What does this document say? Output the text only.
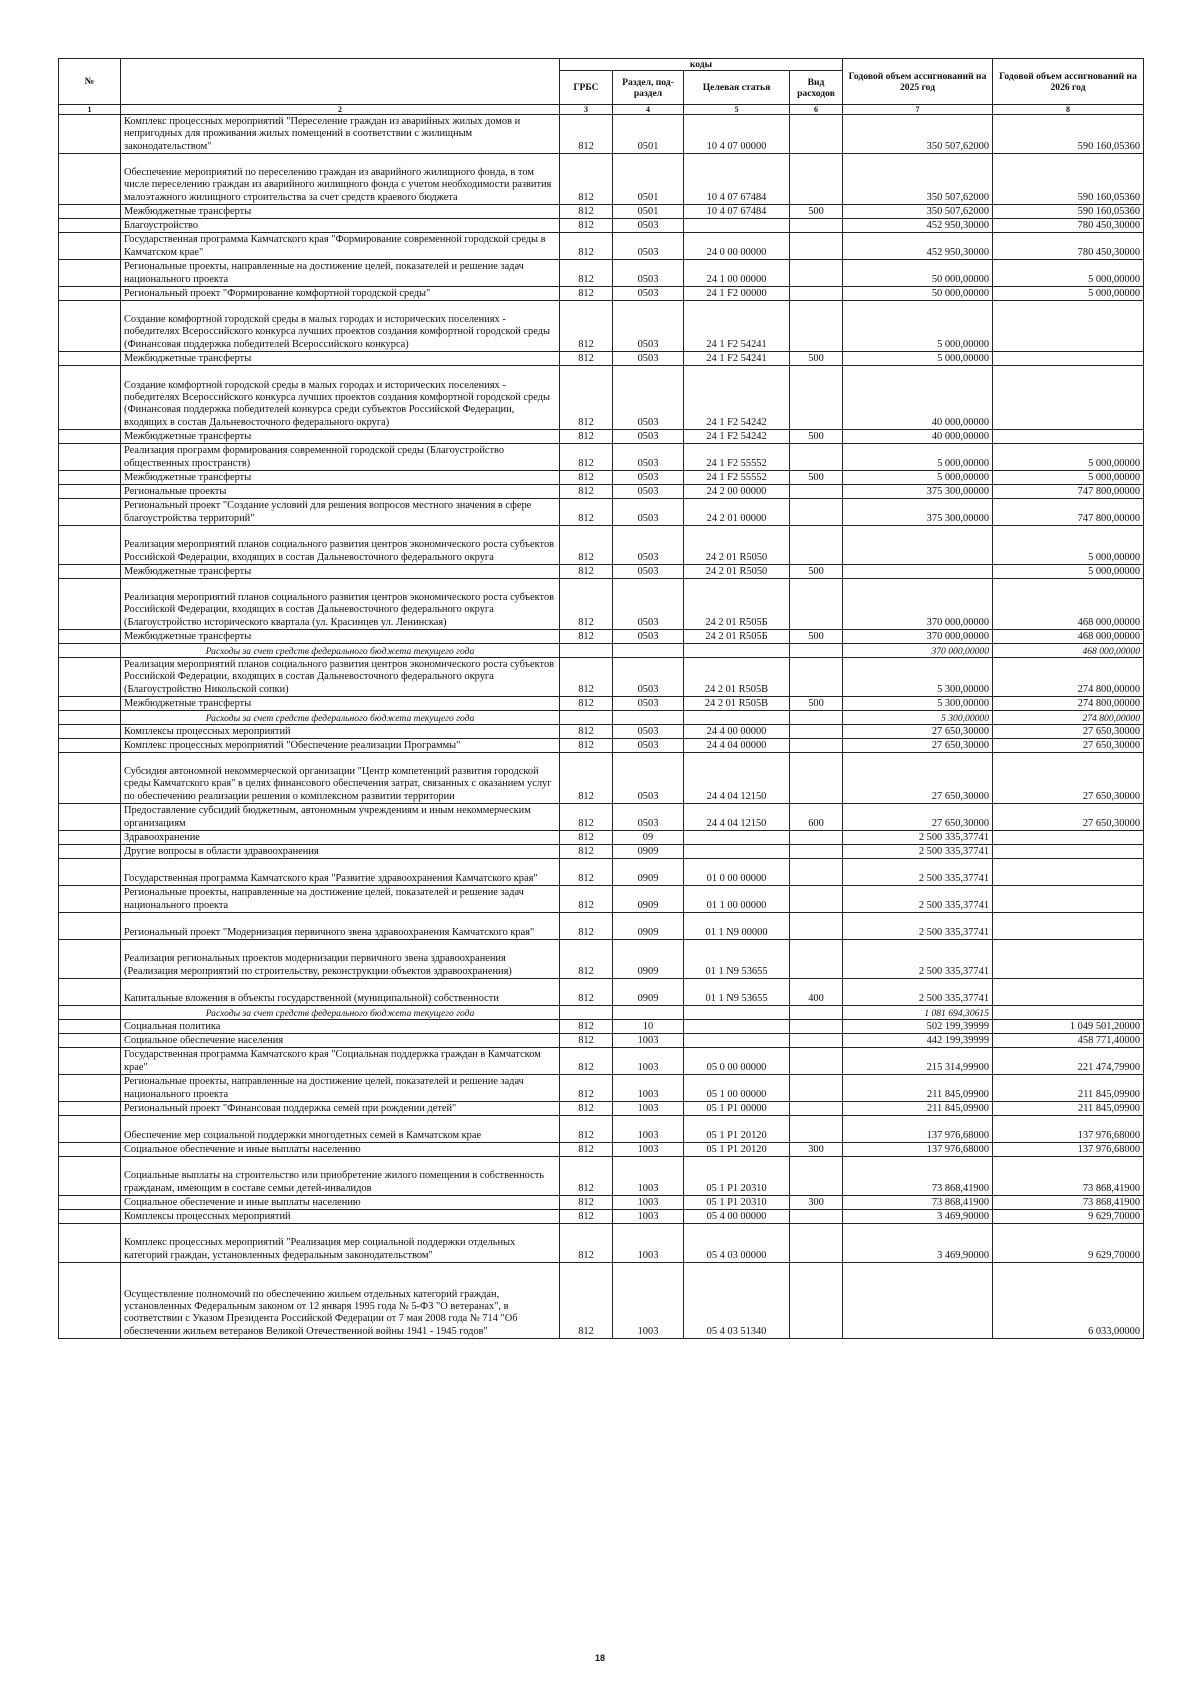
№		коды				Годовой объем ассигнований на 2025 год	Годовой объем ассигнований на 2026 год
		ГРБС	Раздел, под-раздел	Целевая статья	Вид расходов		
1	2	3	4	5	6	7	8
	Комплекс процессных мероприятий "Переселение граждан из аварийных жилых домов и непригодных для проживания жилых помещений в соответствии с жилищным законодательством"	812	0501	10 4 07 00000		350 507,62000	590 160,05360
	Обеспечение мероприятий по переселению граждан из аварийного жилищного фонда, в том числе переселению граждан из аварийного жилищного фонда с учетом необходимости развития малоэтажного жилищного строительства за счет средств краевого бюджета	812	0501	10 4 07 67484		350 507,62000	590 160,05360
	Межбюджетные трансферты	812	0501	10 4 07 67484	500	350 507,62000	590 160,05360
	Благоустройство	812	0503			452 950,30000	780 450,30000
	Государственная программа Камчатского края "Формирование современной городской среды в Камчатском крае"	812	0503	24 0 00 00000		452 950,30000	780 450,30000
	Региональные проекты, направленные на достижение целей, показателей и решение задач национального проекта	812	0503	24 1 00 00000		50 000,00000	5 000,00000
	Региональный проект "Формирование комфортной городской среды"	812	0503	24 1 F2 00000		50 000,00000	5 000,00000
	Создание комфортной городской среды в малых городах и исторических поселениях - победителях Всероссийского конкурса лучших проектов создания комфортной городской среды (Финансовая поддержка победителей Всероссийского конкурса)	812	0503	24 1 F2 54241		5 000,00000	
	Межбюджетные трансферты	812	0503	24 1 F2 54241	500	5 000,00000	
	Создание комфортной городской среды в малых городах и исторических поселениях - победителях Всероссийского конкурса лучших проектов создания комфортной городской среды (Финансовая поддержка победителей конкурса среди субъектов Российской Федерации, входящих в состав Дальневосточного федерального округа)	812	0503	24 1 F2 54242		40 000,00000	
	Межбюджетные трансферты	812	0503	24 1 F2 54242	500	40 000,00000	
	Реализация программ формирования современной городской среды (Благоустройство общественных пространств)	812	0503	24 1 F2 55552		5 000,00000	5 000,00000
	Межбюджетные трансферты	812	0503	24 1 F2 55552	500	5 000,00000	5 000,00000
	Региональные проекты	812	0503	24 2 00 00000		375 300,00000	747 800,00000
	Региональный проект "Создание условий для решения вопросов местного значения в сфере благоустройства территорий"	812	0503	24 2 01 00000		375 300,00000	747 800,00000
	Реализация мероприятий планов социального развития центров экономического роста субъектов Российской Федерации, входящих в состав Дальневосточного федерального округа	812	0503	24 2 01 R5050			5 000,00000
	Межбюджетные трансферты	812	0503	24 2 01 R5050	500		5 000,00000
	Реализация мероприятий планов социального развития центров экономического роста субъектов Российской Федерации, входящих в состав Дальневосточного федерального округа (Благоустройство исторического квартала (ул. Красинцев ул. Ленинская)	812	0503	24 2 01 R505Б		370 000,00000	468 000,00000
	Межбюджетные трансферты	812	0503	24 2 01 R505Б	500	370 000,00000	468 000,00000
	Расходы за счет средств федерального бюджета текущего года					370 000,00000	468 000,00000
	Реализация мероприятий планов социального развития центров экономического роста субъектов Российской Федерации, входящих в состав Дальневосточного федерального округа (Благоустройство Никольской сопки)	812	0503	24 2 01 R505В		5 300,00000	274 800,00000
	Межбюджетные трансферты	812	0503	24 2 01 R505В	500	5 300,00000	274 800,00000
	Расходы за счет средств федерального бюджета текущего года					5 300,00000	274 800,00000
	Комплексы процессных мероприятий	812	0503	24 4 00 00000		27 650,30000	27 650,30000
	Комплекс процессных мероприятий "Обеспечение реализации Программы"	812	0503	24 4 04 00000		27 650,30000	27 650,30000
	Субсидия автономной некоммерческой организации "Центр компетенций развития городской среды Камчатского края" в целях финансового обеспечения затрат, связанных с оказанием услуг по обеспечению реализации решения о комплексном развитии территории	812	0503	24 4 04 12150		27 650,30000	27 650,30000
	Предоставление субсидий бюджетным, автономным учреждениям и иным некоммерческим организациям	812	0503	24 4 04 12150	600	27 650,30000	27 650,30000
	Здравоохранение	812	09			2 500 335,37741	
	Другие вопросы в области здравоохранения	812	0909			2 500 335,37741	
	Государственная программа Камчатского края "Развитие здравоохранения Камчатского края"	812	0909	01 0 00 00000		2 500 335,37741	
	Региональные проекты, направленные на достижение целей, показателей и решение задач национального проекта	812	0909	01 1 00 00000		2 500 335,37741	
	Региональный проект "Модернизация первичного звена здравоохранения Камчатского края"	812	0909	01 1 N9 00000		2 500 335,37741	
	Реализация региональных проектов модернизации первичного звена здравоохранения (Реализация мероприятий по строительству, реконструкции объектов здравоохранения)	812	0909	01 1 N9 53655		2 500 335,37741	
	Капитальные вложения в объекты государственной (муниципальной) собственности	812	0909	01 1 N9 53655	400	2 500 335,37741	
	Расходы за счет средств федерального бюджета текущего года					1 081 694,30615	
	Социальная политика	812	10			502 199,39999	1 049 501,20000
	Социальное обеспечение населения	812	1003			442 199,39999	458 771,40000
	Государственная программа Камчатского края "Социальная поддержка граждан в Камчатском крае"	812	1003	05 0 00 00000		215 314,99900	221 474,79900
	Региональные проекты, направленные на достижение целей, показателей и решение задач национального проекта	812	1003	05 1 00 00000		211 845,09900	211 845,09900
	Региональный проект "Финансовая поддержка семей при рождении детей"	812	1003	05 1 P1 00000		211 845,09900	211 845,09900
	Обеспечение мер социальной поддержки многодетных семей в Камчатском крае	812	1003	05 1 P1 20120		137 976,68000	137 976,68000
	Социальное обеспечение и иные выплаты населению	812	1003	05 1 P1 20120	300	137 976,68000	137 976,68000
	Социальные выплаты на строительство или приобретение жилого помещения в собственность гражданам, имеющим в составе семьи детей-инвалидов	812	1003	05 1 P1 20310		73 868,41900	73 868,41900
	Социальное обеспечение и иные выплаты населению	812	1003	05 1 P1 20310	300	73 868,41900	73 868,41900
	Комплексы процессных мероприятий	812	1003	05 4 00 00000		3 469,90000	9 629,70000
	Комплекс процессных мероприятий "Реализация мер социальной поддержки отдельных категорий граждан, установленных федеральным законодательством"	812	1003	05 4 03 00000		3 469,90000	9 629,70000
	Осуществление полномочий по обеспечению жильем отдельных категорий граждан, установленных Федеральным законом от 12 января 1995 года № 5-ФЗ "О ветеранах", в соответствии с Указом Президента Российской Федерации от 7 мая 2008 года № 714 "Об обеспечении жильем ветеранов Великой Отечественной войны 1941 - 1945 годов"	812	1003	05 4 03 51340			6 033,00000
18
